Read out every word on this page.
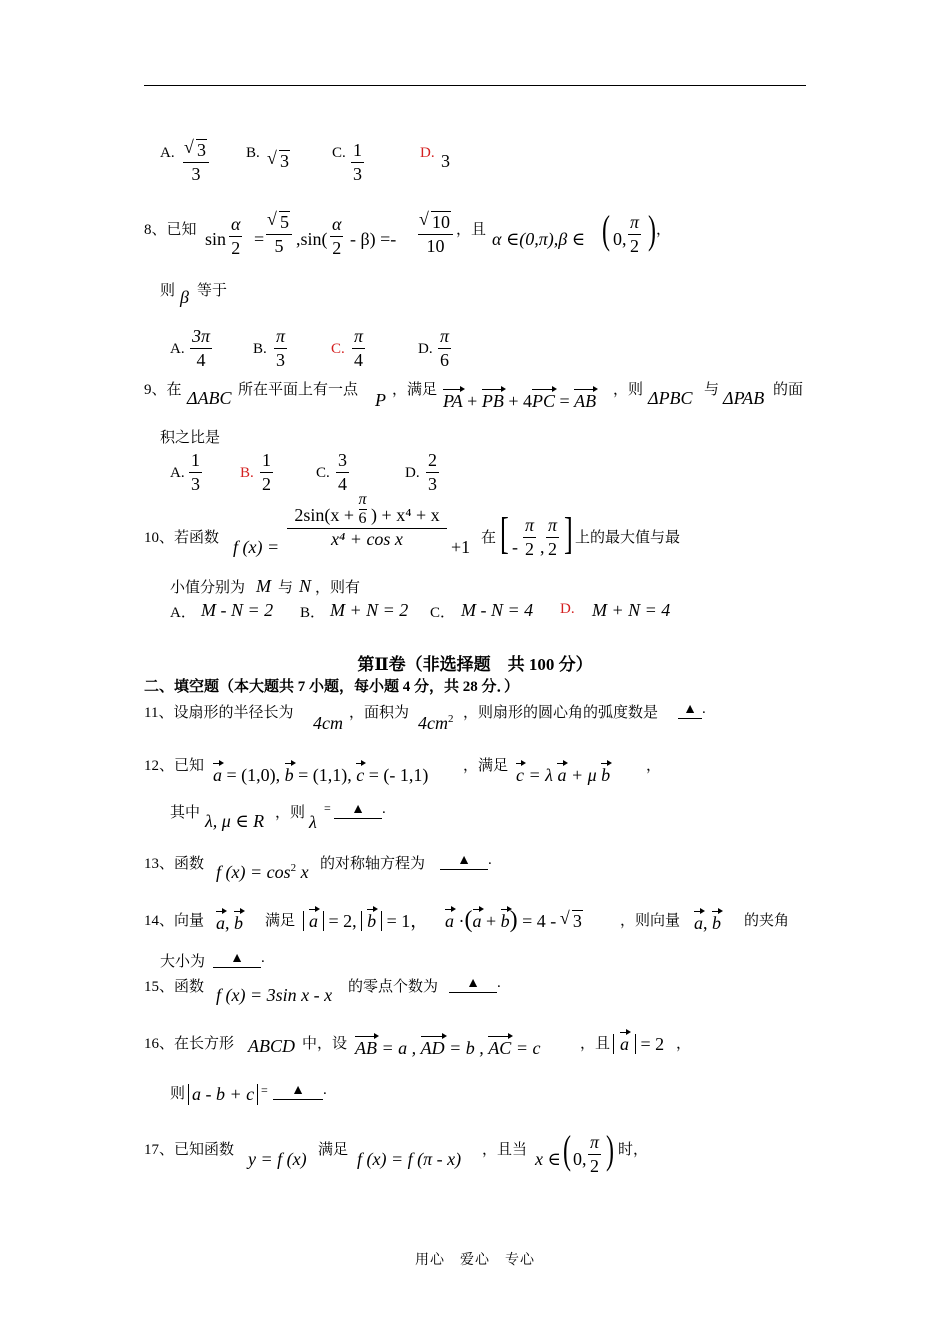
A.	√ 3
3
B.	√ 3	C. 1
3
D. 3
8、已知 sin
α
2 =
√ 5
5 ,sin(
α
2 - β) =-
√ 10
10
，且 α ∈(0,π),β ∈ ( 0,
π
2 ) ，
则 β 等于
A.
3π
4
B.
π
3
C.
π
4
D.
π
6
9、在 ΔABC 所在平面上有一点 P ，满足
PA + PB + 4PC = AB
，则 ΔPBC 与 ΔPAB 的面
积之比是
A.
1
3
B.
1
2
C.
3
4
D.
2
3
10、若函数 f (x) =
$2\sin(x + \frac{\pi}{6}$ ) + x⁴ + x
x⁴ + cos x	+1 在 [ -
π
2 ,
π
2 ] 上的最大值与最
小值分别为 M 与 N ，则有
A． M - N = 2 B． M + N = 2 C． M - N = 4 D. M + N = 4
第Ⅱ卷（非选择题　共 100 分）
二、填空题（本大题共 7 小题，每小题 4 分，共 28 分．）
11、设扇形的半径长为 4cm ，面积为 $4cm^2$ ，则扇形的圆心角的弧度数是	▲ .
12、已知 a = (1,0), b = (1,1), c = (- 1,1) ，满足 c = λ a + μ b ，
其中 λ, μ ∈ R ，则 λ
=	▲ .
13、函数 f $(x) = \cos^2 x$ 的对称轴方程为	▲ .
14、向量 a, b 满足 a = 2, b = 1， a ·(a + b) = 4 - √ 3	，则向量 a, b 的夹角
大小为	▲ .
15、函数 f (x) = 3sin x - x 的零点个数为	▲ .
16、在长方形 ABCD 中，设 AB = a , AD = b , AC = c	，且 a = 2 ，
则 a - b + c =	▲ .
17、已知函数 y = f (x) 满足 f (x) = f (π - x) ，且当 x ∈ ( 0,
π
2 ) 时，
用心　爱心　专心
